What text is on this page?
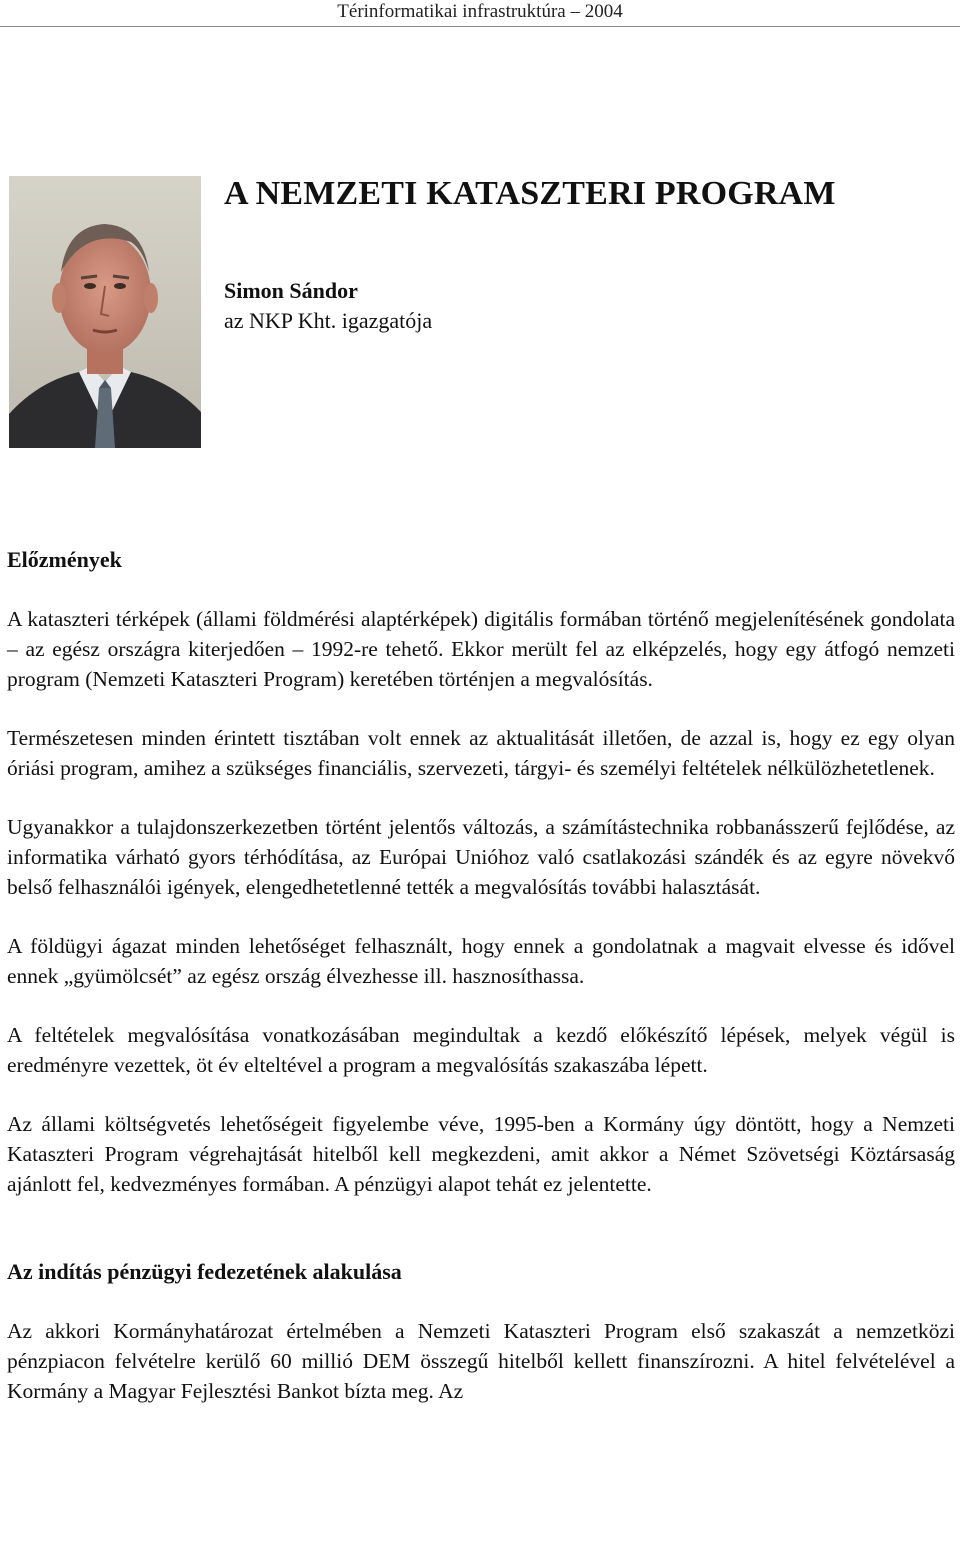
Térinformatikai infrastruktúra – 2004
A NEMZETI KATASZTERI PROGRAM
Simon Sándor
az NKP Kht. igazgatója
Előzmények

A kataszteri térképek (állami földmérési alaptérképek) digitális formában történő megjelenítésének gondolata – az egész országra kiterjedően – 1992-re tehető. Ekkor merült fel az elképzelés, hogy egy átfogó nemzeti program (Nemzeti Kataszteri Program) keretében történjen a megvalósítás.

Természetesen minden érintett tisztában volt ennek az aktualitását illetően, de azzal is, hogy ez egy olyan óriási program, amihez a szükséges financiális, szervezeti, tárgyi- és személyi feltételek nélkülözhetetlenek.

Ugyanakkor a tulajdonszerkezetben történt jelentős változás, a számítástechnika robbanásszerű fejlődése, az informatika várható gyors térhódítása, az Európai Unióhoz való csatlakozási szándék és az egyre növekvő belső felhasználói igények, elengedhetetlenné tették a megvalósítás további halasztását.

A földügyi ágazat minden lehetőséget felhasznált, hogy ennek a gondolatnak a magvait elvesse és idővel ennek „gyümölcsét” az egész ország élvezhesse ill. hasznosíthassa.

A feltételek megvalósítása vonatkozásában megindultak a kezdő előkészítő lépések, melyek végül is eredményre vezettek, öt év elteltével a program a megvalósítás szakaszába lépett.

Az állami költségvetés lehetőségeit figyelembe véve, 1995-ben a Kormány úgy döntött, hogy a Nemzeti Kataszteri Program végrehajtását hitelből kell megkezdeni, amit akkor a Német Szövetségi Köztársaság ajánlott fel, kedvezményes formában. A pénzügyi alapot tehát ez jelentette.

Az indítás pénzügyi fedezetének alakulása

Az akkori Kormányhatározat értelmében a Nemzeti Kataszteri Program első szakaszát a nemzetközi pénzpiacon felvételre kerülő 60 millió DEM összegű hitelből kellett finanszírozni. A hitel felvételével a Kormány a Magyar Fejlesztési Bankot bízta meg. Az
